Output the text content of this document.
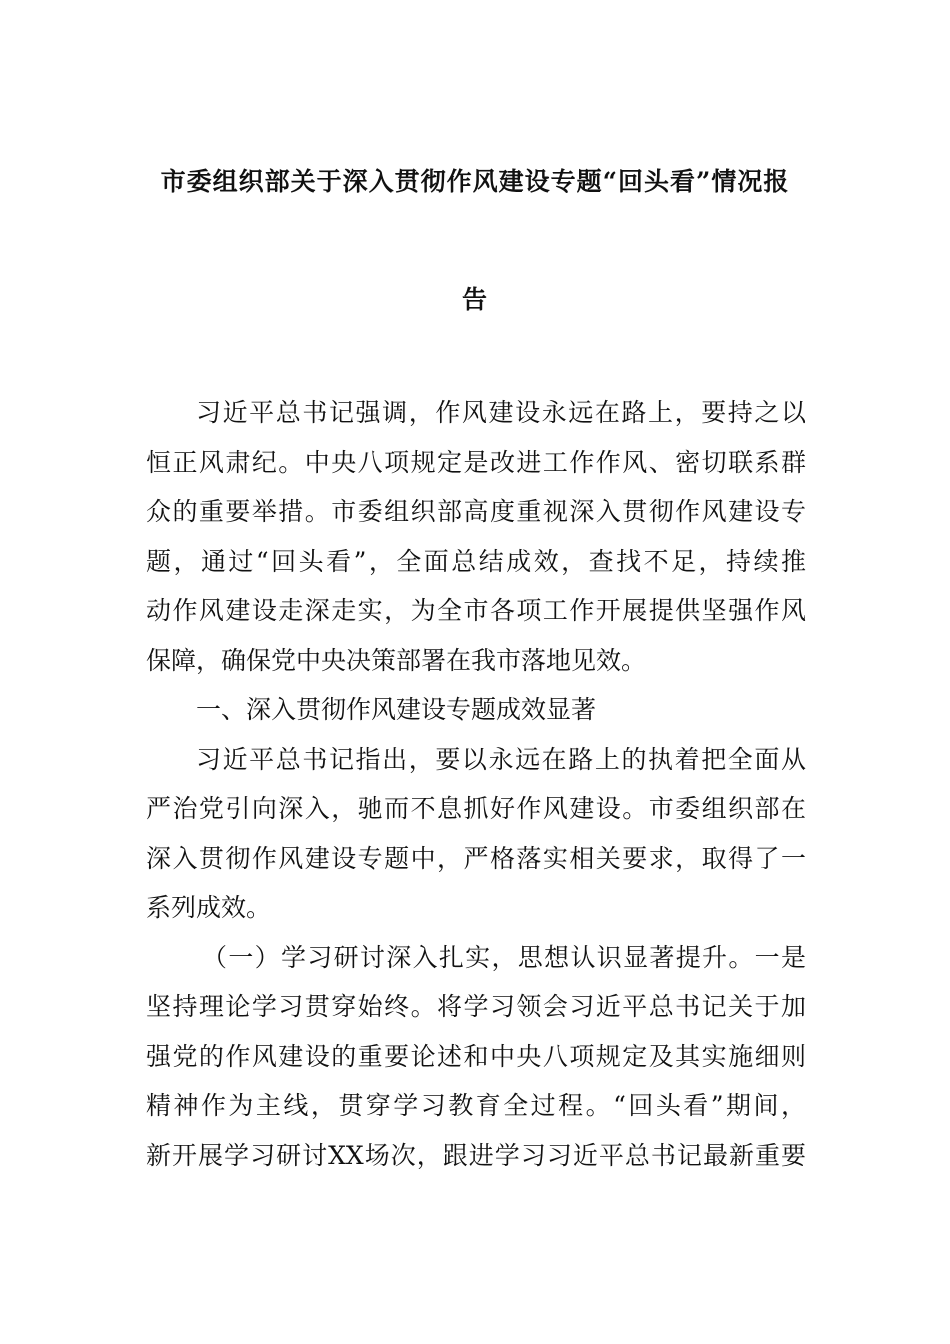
市委组织部关于深入贯彻作风建设专题“回头看”情况报
告
习近平总书记强调，作风建设永远在路上，要持之以
恒正风肃纪。中央八项规定是改进工作作风、密切联系群
众的重要举措。市委组织部高度重视深入贯彻作风建设专
题，通过“回头看”，全面总结成效，查找不足，持续推
动作风建设走深走实，为全市各项工作开展提供坚强作风
保障，确保党中央决策部署在我市落地见效。
一、深入贯彻作风建设专题成效显著
习近平总书记指出，要以永远在路上的执着把全面从
严治党引向深入，驰而不息抓好作风建设。市委组织部在
深入贯彻作风建设专题中，严格落实相关要求，取得了一
系列成效。
（一）学习研讨深入扎实，思想认识显著提升。一是
坚持理论学习贯穿始终。将学习领会习近平总书记关于加
强党的作风建设的重要论述和中央八项规定及其实施细则
精神作为主线，贯穿学习教育全过程。“回头看”期间，
新开展学习研讨XX场次，跟进学习习近平总书记最新重要
